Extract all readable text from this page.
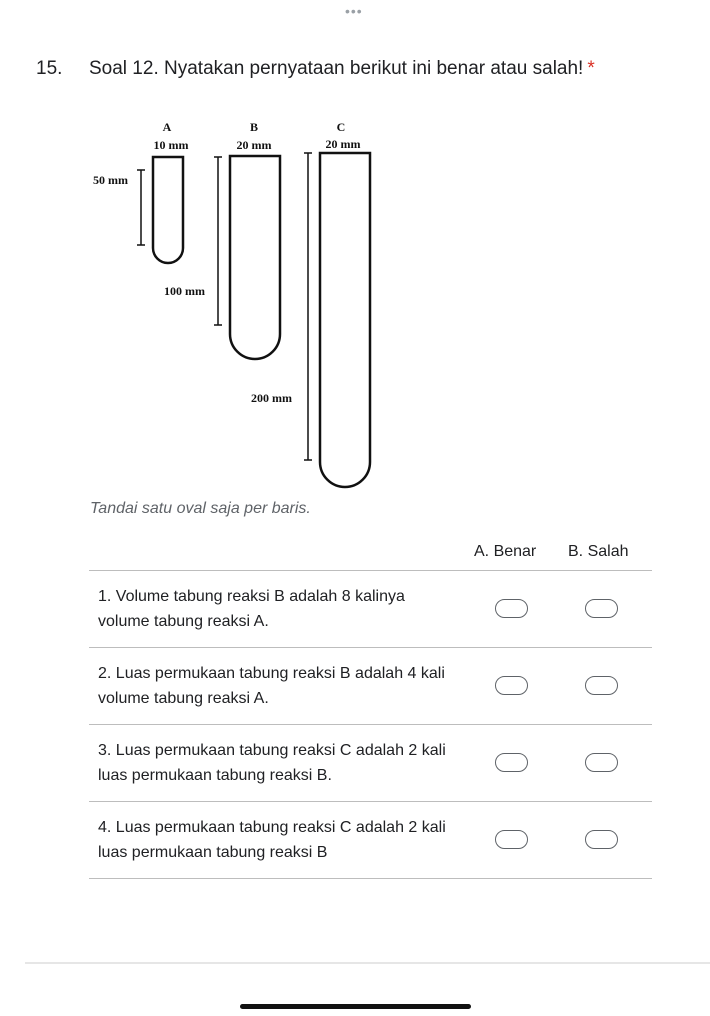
•••
15. Soal 12. Nyatakan pernyataan berikut ini benar atau salah! *
A
10 mm
50 mm
B
20 mm
100 mm
C
20 mm
200 mm
Tandai satu oval saja per baris.
A. Benar B. Salah
1. Volume tabung reaksi B adalah 8 kalinya volume tabung reaksi A.
2. Luas permukaan tabung reaksi B adalah 4 kali volume tabung reaksi A.
3. Luas permukaan tabung reaksi C adalah 2 kali luas permukaan tabung reaksi B.
4. Luas permukaan tabung reaksi C adalah 2 kali luas permukaan tabung reaksi B
